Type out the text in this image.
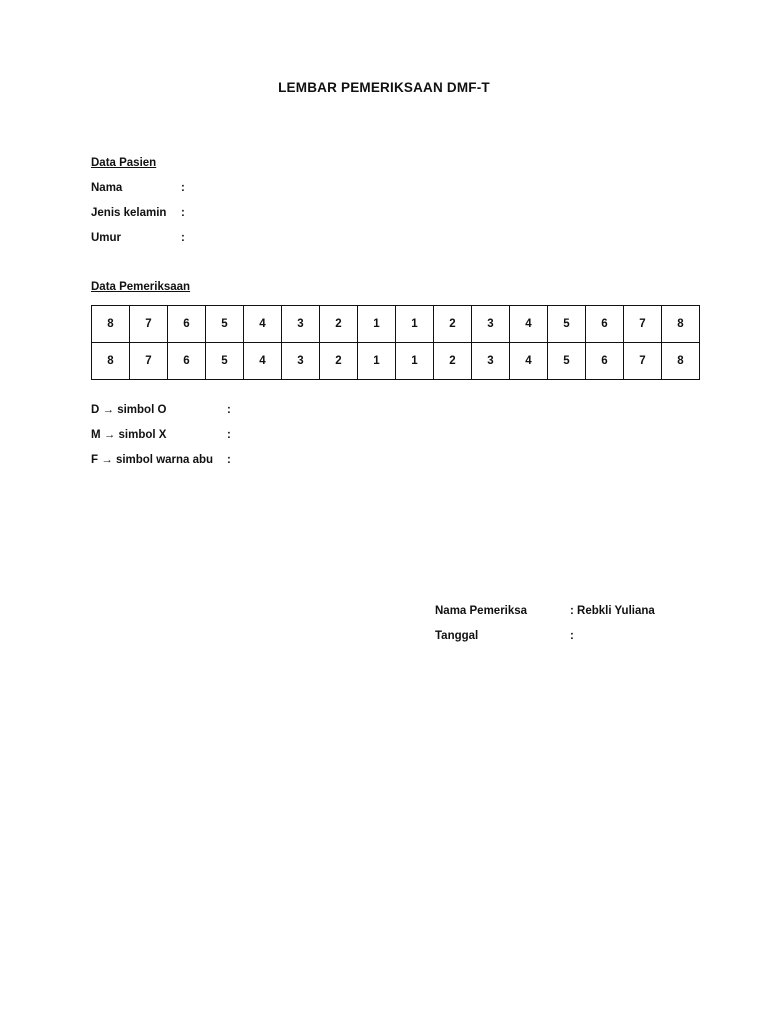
LEMBAR PEMERIKSAAN DMF-T
Data Pasien
Nama	:
Jenis kelamin :
Umur	:
Data Pemeriksaan
8	7	6	5	4	3	2	1	1	2	3	4	5	6	7	8
8	7	6	5	4	3	2	1	1	2	3	4	5	6	7	8
D → simbol O	:
M → simbol X	:
F → simbol warna abu :
Nama Pemeriksa	: Rebkli Yuliana
Tanggal	:
